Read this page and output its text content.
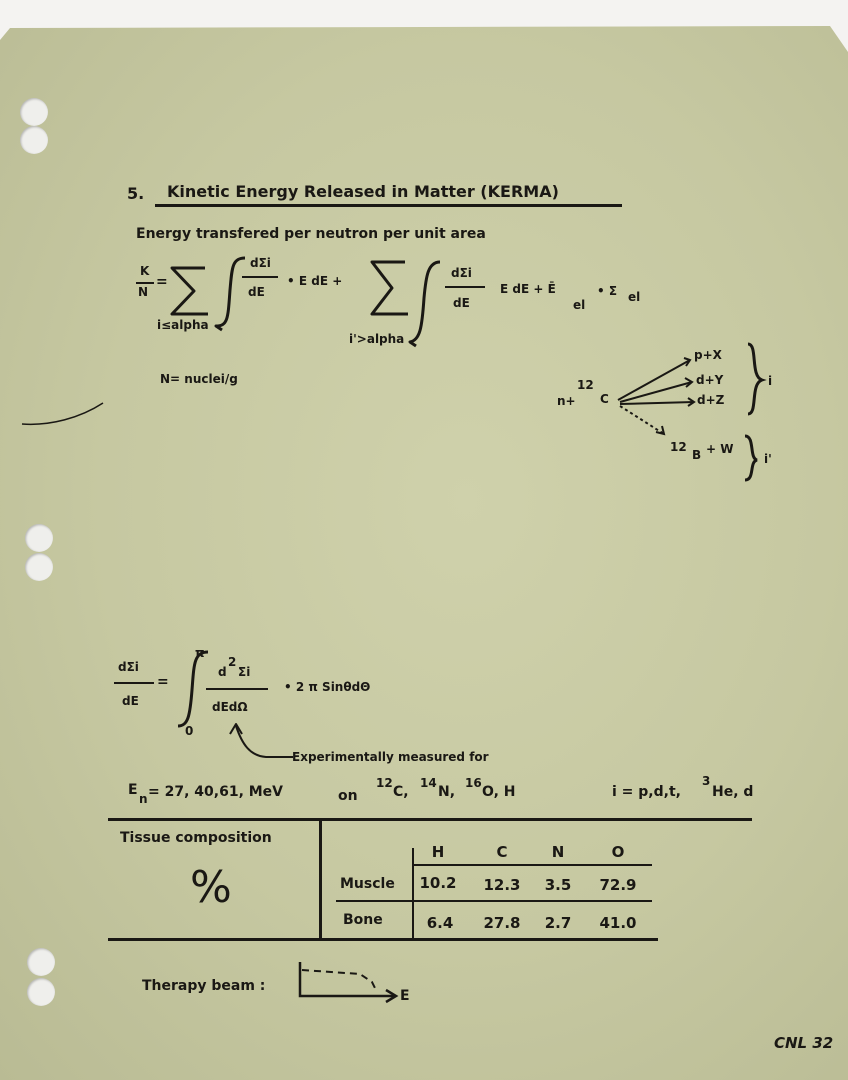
5. Kinetic Energy Released in Matter (KERMA)
Energy transfered per neutron per unit area
K
N
=
dΣi
dE
• E dE +
i≤alpha
dΣi
dE
E dE + Ē
el
• Σ el
i'>alpha
N= nuclei/g
n+
12
C
p+X
d+Y
d+Z
i
12
B + W
i'
dΣi
dE
=
π
0
d
2
Σi
dEdΩ
• 2 π SinθdΘ
Experimentally measured for
E
n = 27, 40,61, MeV	on
12
C,
14
N,
16
O, H	i = p,d,t,
3
He, d
Tissue composition
%
H	C	N	O
Muscle	10.2	12.3	3.5	72.9
Bone	6.4	27.8	2.7	41.0
Therapy beam :
E
CNL 32
